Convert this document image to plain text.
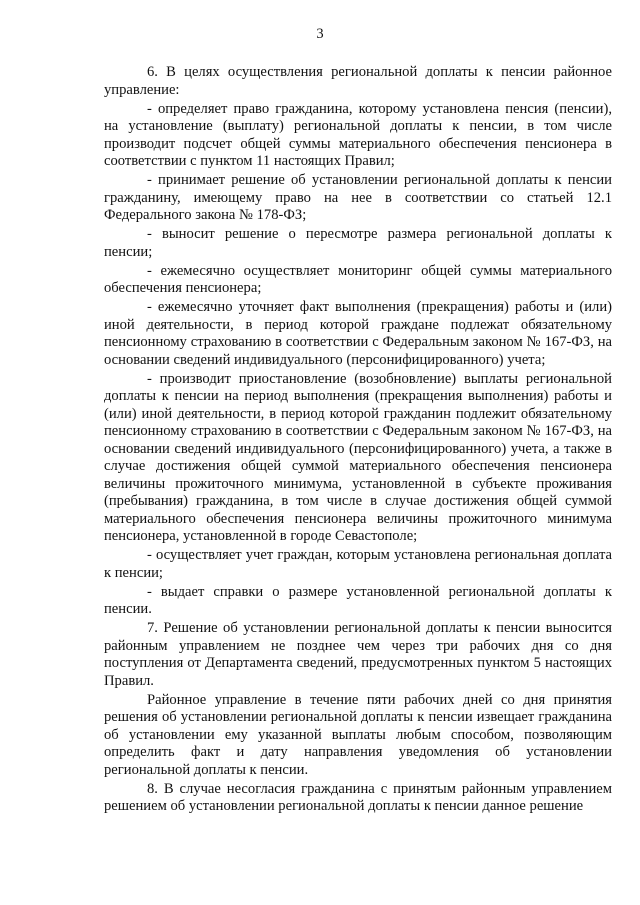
3

6. В целях осуществления региональной доплаты к пенсии районное управление:

- определяет право гражданина, которому установлена пенсия (пенсии), на установление (выплату) региональной доплаты к пенсии, в том числе производит подсчет общей суммы материального обеспечения пенсионера в соответствии с пунктом 11 настоящих Правил;

- принимает решение об установлении региональной доплаты к пенсии гражданину, имеющему право на нее в соответствии со статьей 12.1 Федерального закона № 178-ФЗ;

- выносит решение о пересмотре размера региональной доплаты к пенсии;

- ежемесячно осуществляет мониторинг общей суммы материального обеспечения пенсионера;

- ежемесячно уточняет факт выполнения (прекращения) работы и (или) иной деятельности, в период которой граждане подлежат обязательному пенсионному страхованию в соответствии с Федеральным законом № 167-ФЗ, на основании сведений индивидуального (персонифицированного) учета;

- производит приостановление (возобновление) выплаты региональной доплаты к пенсии на период выполнения (прекращения выполнения) работы и (или) иной деятельности, в период которой гражданин подлежит обязательному пенсионному страхованию в соответствии с Федеральным законом № 167-ФЗ, на основании сведений индивидуального (персонифицированного) учета, а также в случае достижения общей суммой материального обеспечения пенсионера величины прожиточного минимума, установленной в субъекте проживания (пребывания) гражданина, в том числе в случае достижения общей суммой материального обеспечения пенсионера величины прожиточного минимума пенсионера, установленной в городе Севастополе;

- осуществляет учет граждан, которым установлена региональная доплата к пенсии;

- выдает справки о размере установленной региональной доплаты к пенсии.

7. Решение об установлении региональной доплаты к пенсии выносится районным управлением не позднее чем через три рабочих дня со дня поступления от Департамента сведений, предусмотренных пунктом 5 настоящих Правил.

Районное управление в течение пяти рабочих дней со дня принятия решения об установлении региональной доплаты к пенсии извещает гражданина об установлении ему указанной выплаты любым способом, позволяющим определить факт и дату направления уведомления об установлении региональной доплаты к пенсии.

8. В случае несогласия гражданина с принятым районным управлением решением об установлении региональной доплаты к пенсии данное решение
